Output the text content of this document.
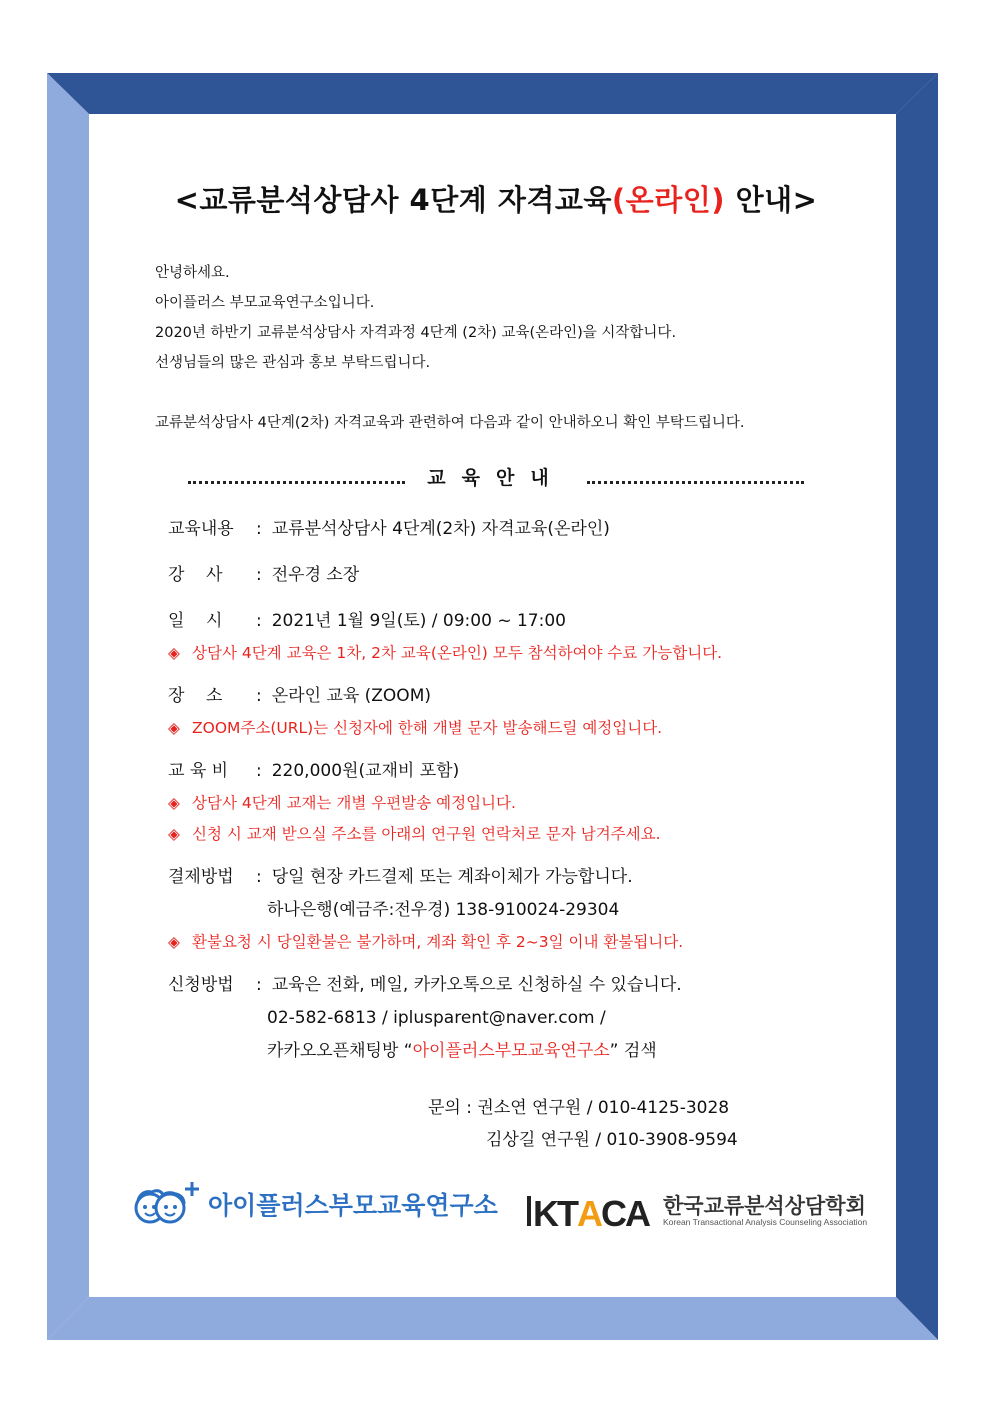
<교류분석상담사 4단계 자격교육(온라인) 안내>

안녕하세요.

아이플러스 부모교육연구소입니다.

2020년 하반기 교류분석상담사 자격과정 4단계 (2차) 교육(온라인)을 시작합니다.

선생님들의 많은 관심과 홍보 부탁드립니다.

교류분석상담사 4단계(2차) 자격교육과 관련하여 다음과 같이 안내하오니 확인 부탁드립니다.

교육안내
교육내용 : 교류분석상담사 4단계(2차) 자격교육(온라인)
강    사 : 전우경 소장
일    시 : 2021년 1월 9일(토) / 09:00 ~ 17:00
◈ 상담사 4단계 교육은 1차, 2차 교육(온라인) 모두 참석하여야 수료 가능합니다.
장    소 : 온라인 교육 (ZOOM)
◈ ZOOM주소(URL)는 신청자에 한해 개별 문자 발송해드릴 예정입니다.
교 육 비 : 220,000원(교재비 포함)
◈ 상담사 4단계 교재는 개별 우편발송 예정입니다.
◈ 신청 시 교재 받으실 주소를 아래의 연구원 연락처로 문자 남겨주세요.
결제방법 : 당일 현장 카드결제 또는 계좌이체가 가능합니다.
하나은행(예금주:전우경) 138-910024-29304
◈ 환불요청 시 당일환불은 불가하며, 계좌 확인 후 2~3일 이내 환불됩니다.
신청방법 : 교육은 전화, 메일, 카카오톡으로 신청하실 수 있습니다.
02-582-6813 / iplusparent@naver.com /
카카오오픈채팅방 “아이플러스부모교육연구소” 검색
문의 : 권소연 연구원 / 010-4125-3028
김상길 연구원 / 010-3908-9594
아이플러스부모교육연구소 KT A CA 한국교류분석상담학회
Korean Transactional Analysis Counseling Association
